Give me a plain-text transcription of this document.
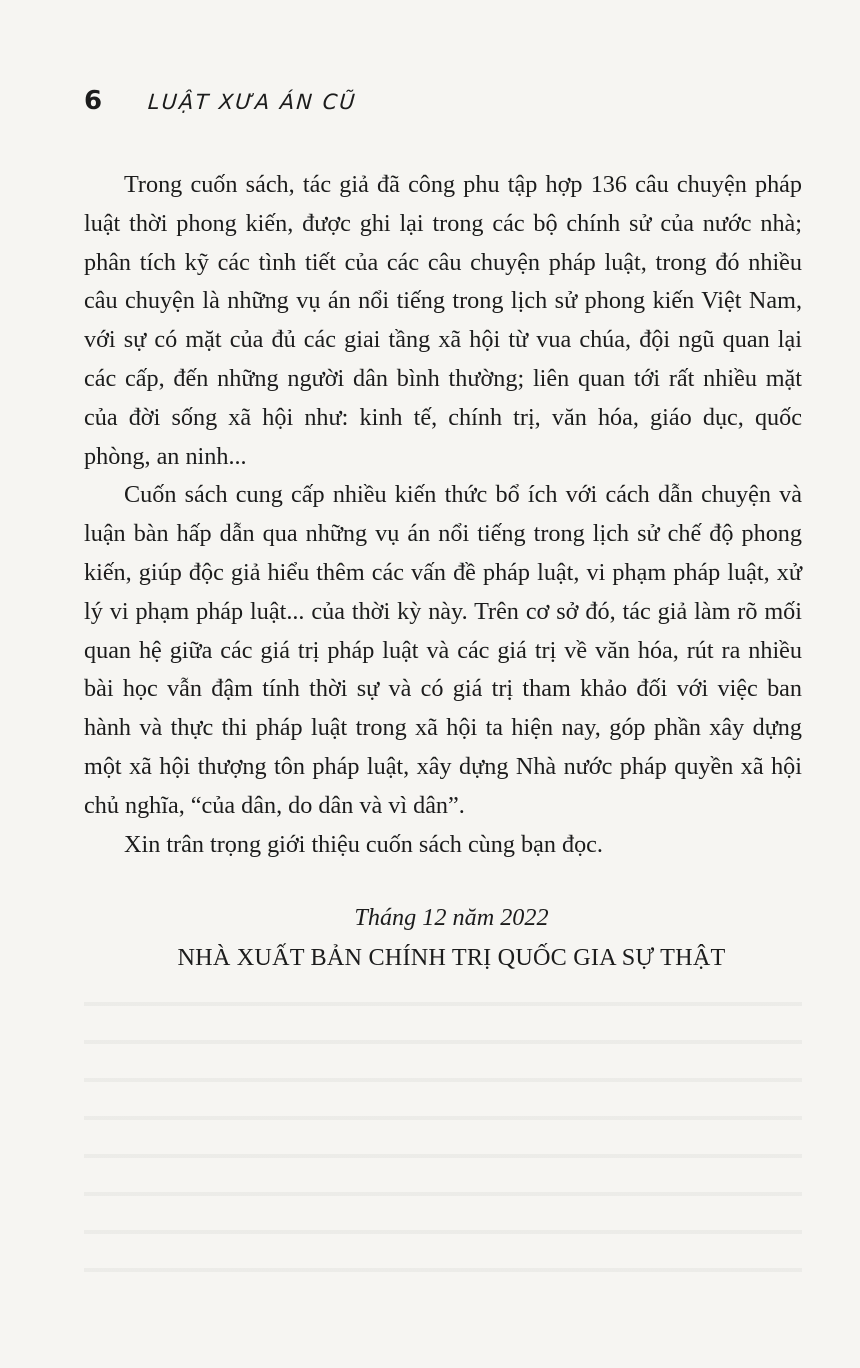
6 LUẬT XƯA ÁN CŨ

Trong cuốn sách, tác giả đã công phu tập hợp 136 câu chuyện pháp luật thời phong kiến, được ghi lại trong các bộ chính sử của nước nhà; phân tích kỹ các tình tiết của các câu chuyện pháp luật, trong đó nhiều câu chuyện là những vụ án nổi tiếng trong lịch sử phong kiến Việt Nam, với sự có mặt của đủ các giai tầng xã hội từ vua chúa, đội ngũ quan lại các cấp, đến những người dân bình thường; liên quan tới rất nhiều mặt của đời sống xã hội như: kinh tế, chính trị, văn hóa, giáo dục, quốc phòng, an ninh...

Cuốn sách cung cấp nhiều kiến thức bổ ích với cách dẫn chuyện và luận bàn hấp dẫn qua những vụ án nổi tiếng trong lịch sử chế độ phong kiến, giúp độc giả hiểu thêm các vấn đề pháp luật, vi phạm pháp luật, xử lý vi phạm pháp luật... của thời kỳ này. Trên cơ sở đó, tác giả làm rõ mối quan hệ giữa các giá trị pháp luật và các giá trị về văn hóa, rút ra nhiều bài học vẫn đậm tính thời sự và có giá trị tham khảo đối với việc ban hành và thực thi pháp luật trong xã hội ta hiện nay, góp phần xây dựng một xã hội thượng tôn pháp luật, xây dựng Nhà nước pháp quyền xã hội chủ nghĩa, “của dân, do dân và vì dân”.

Xin trân trọng giới thiệu cuốn sách cùng bạn đọc.

Tháng 12 năm 2022
NHÀ XUẤT BẢN CHÍNH TRỊ QUỐC GIA SỰ THẬT
